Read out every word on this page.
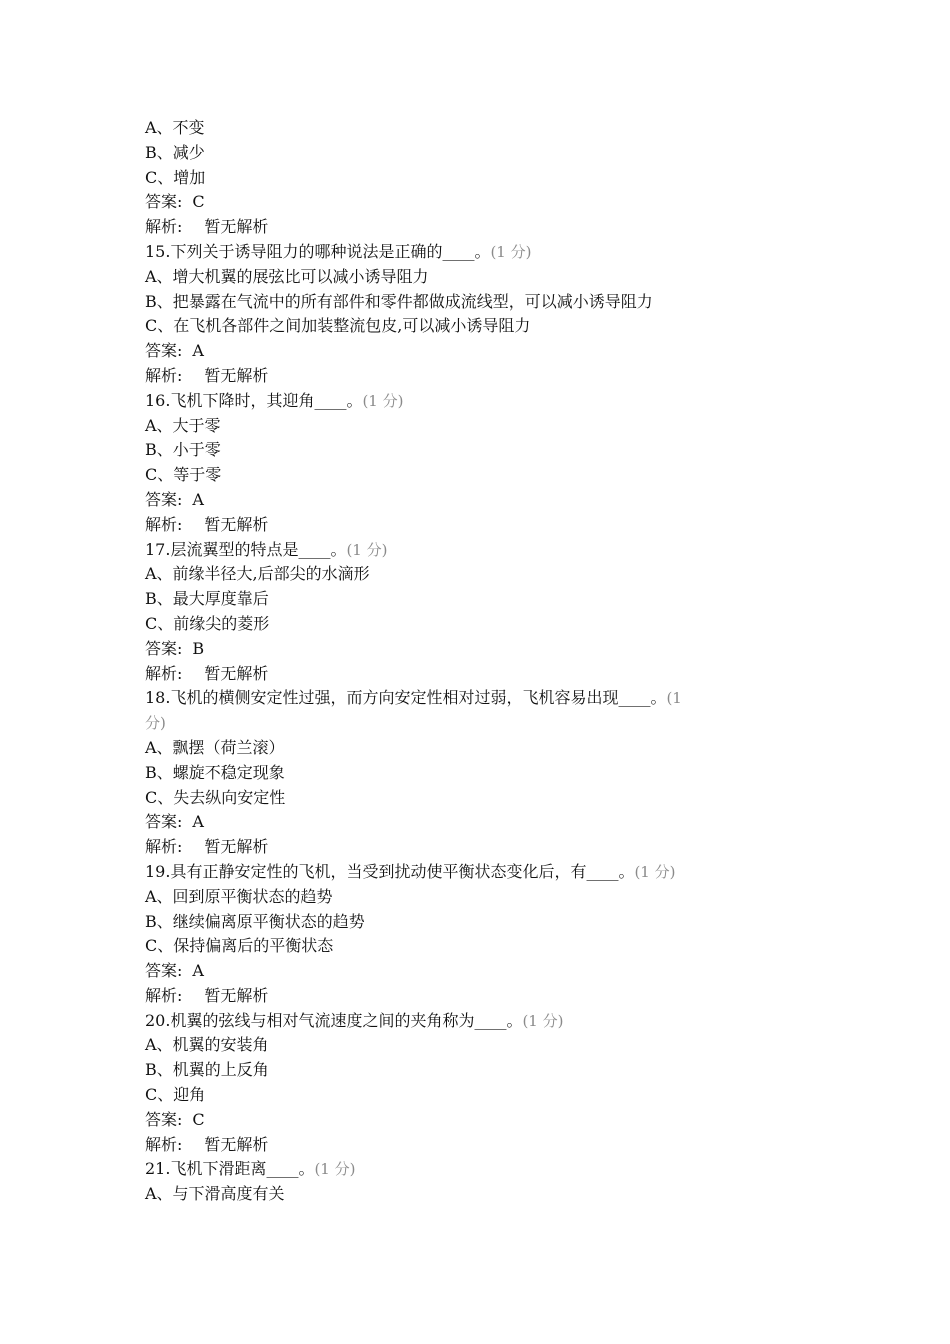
A、不变
B、减少
C、增加
答案: C
解析: 暂无解析
15.下列关于诱导阻力的哪种说法是正确的____。(1 分)
A、增大机翼的展弦比可以减小诱导阻力
B、把暴露在气流中的所有部件和零件都做成流线型，可以减小诱导阻力
C、在飞机各部件之间加装整流包皮,可以减小诱导阻力
答案: A
解析: 暂无解析
16.飞机下降时，其迎角____。(1 分)
A、大于零
B、小于零
C、等于零
答案: A
解析: 暂无解析
17.层流翼型的特点是____。(1 分)
A、前缘半径大,后部尖的水滴形
B、最大厚度靠后
C、前缘尖的菱形
答案: B
解析: 暂无解析
18.飞机的横侧安定性过强，而方向安定性相对过弱，飞机容易出现____。(1
分)
A、飘摆（荷兰滚）
B、螺旋不稳定现象
C、失去纵向安定性
答案: A
解析: 暂无解析
19.具有正静安定性的飞机，当受到扰动使平衡状态变化后，有____。(1 分)
A、回到原平衡状态的趋势
B、继续偏离原平衡状态的趋势
C、保持偏离后的平衡状态
答案: A
解析: 暂无解析
20.机翼的弦线与相对气流速度之间的夹角称为____。(1 分)
A、机翼的安装角
B、机翼的上反角
C、迎角
答案: C
解析: 暂无解析
21.飞机下滑距离____。(1 分)
A、与下滑高度有关
